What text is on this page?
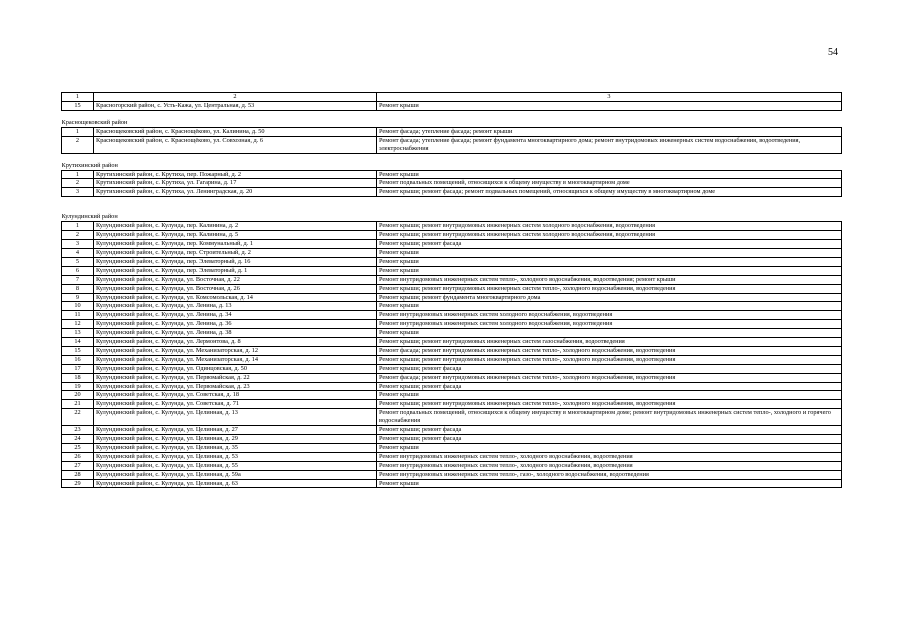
54
1	2	3
15	Красногорский район, с. Усть-Кажа, ул. Центральная, д. 53	Ремонт крыши

Краснощековский район		
1	Краснощековский район, с. Краснощёково, ул. Калинина, д. 50	Ремонт фасада; утепление фасада; ремонт крыши
2	Краснощековский район, с. Краснощёково, ул. Совхозная, д. 6	Ремонт фасада; утепление фасада; ремонт фундамента многоквартирного дома; ремонт внутридомовых инженерных систем водоснабжения, водоотведения, электроснабжения

Крутихинский район		
1	Крутихинский район, с. Крутиха, пер. Пожарный, д. 2	Ремонт крыши
2	Крутихинский район, с. Крутиха, ул. Гагарина, д. 17	Ремонт подвальных помещений, относящихся к общему имуществу в многоквартирном доме
3	Крутихинский район, с. Крутиха, ул. Ленинградская, д. 20	Ремонт крыши; ремонт фасада; ремонт подвальных помещений, относящихся к общему имуществу в многоквартирном доме

Кулундинский район		
1	Кулундинский район, с. Кулунда, пер. Калинина, д. 2	Ремонт крыши; ремонт внутридомовых инженерных систем холодного водоснабжения, водоотведения
2	Кулундинский район, с. Кулунда, пер. Калинина, д. 5	Ремонт крыши; ремонт внутридомовых инженерных систем холодного водоснабжения, водоотведения
3	Кулундинский район, с. Кулунда, пер. Коммунальный, д. 1	Ремонт крыши; ремонт фасада
4	Кулундинский район, с. Кулунда, пер. Строительный, д. 2	Ремонт крыши
5	Кулундинский район, с. Кулунда, пер. Элеваторный, д. 16	Ремонт крыши
6	Кулундинский район, с. Кулунда, пер. Элеваторный, д. 1	Ремонт крыши
7	Кулундинский район, с. Кулунда, ул. Восточная, д. 22	Ремонт внутридомовых инженерных систем тепло-, холодного водоснабжения, водоотведения; ремонт крыши
8	Кулундинский район, с. Кулунда, ул. Восточная, д. 26	Ремонт крыши; ремонт внутридомовых инженерных систем тепло-, холодного водоснабжения, водоотведения
9	Кулундинский район, с. Кулунда, ул. Комсомольская, д. 14	Ремонт крыши; ремонт фундамента многоквартирного дома
10	Кулундинский район, с. Кулунда, ул. Ленина, д. 13	Ремонт крыши
11	Кулундинский район, с. Кулунда, ул. Ленина, д. 34	Ремонт внутридомовых инженерных систем холодного водоснабжения, водоотведения
12	Кулундинский район, с. Кулунда, ул. Ленина, д. 36	Ремонт внутридомовых инженерных систем холодного водоснабжения, водоотведения
13	Кулундинский район, с. Кулунда, ул. Ленина, д. 38	Ремонт крыши
14	Кулундинский район, с. Кулунда, ул. Лермонтова, д. 8	Ремонт крыши; ремонт внутридомовых инженерных систем газоснабжения, водоотведения
15	Кулундинский район, с. Кулунда, ул. Механизаторская, д. 12	Ремонт фасада; ремонт внутридомовых инженерных систем тепло-, холодного водоснабжения, водоотведения
16	Кулундинский район, с. Кулунда, ул. Механизаторская, д. 14	Ремонт крыши; ремонт внутридомовых инженерных систем тепло-, холодного водоснабжения, водоотведения
17	Кулундинский район, с. Кулунда, ул. Одинцовская, д. 50	Ремонт крыши; ремонт фасада
18	Кулундинский район, с. Кулунда, ул. Первомайская, д. 22	Ремонт фасада; ремонт внутридомовых инженерных систем тепло-, холодного водоснабжения, водоотведения
19	Кулундинский район, с. Кулунда, ул. Первомайская, д. 23	Ремонт крыши; ремонт фасада
20	Кулундинский район, с. Кулунда, ул. Советская, д. 18	Ремонт крыши
21	Кулундинский район, с. Кулунда, ул. Советская, д. 71	Ремонт крыши; ремонт внутридомовых инженерных систем тепло-, холодного водоснабжения, водоотведения
22	Кулундинский район, с. Кулунда, ул. Целинная, д. 13	Ремонт подвальных помещений, относящихся к общему имуществу в многоквартирном доме; ремонт внутридомовых инженерных систем тепло-, холодного и горячего водоснабжения
23	Кулундинский район, с. Кулунда, ул. Целинная, д. 27	Ремонт крыши; ремонт фасада
24	Кулундинский район, с. Кулунда, ул. Целинная, д. 29	Ремонт крыши; ремонт фасада
25	Кулундинский район, с. Кулунда, ул. Целинная, д. 35	Ремонт крыши
26	Кулундинский район, с. Кулунда, ул. Целинная, д. 53	Ремонт внутридомовых инженерных систем тепло-, холодного водоснабжения, водоотведения
27	Кулундинский район, с. Кулунда, ул. Целинная, д. 55	Ремонт внутридомовых инженерных систем тепло-, холодного водоснабжения, водоотведения
28	Кулундинский район, с. Кулунда, ул. Целинная, д. 59а	Ремонт внутридомовых инженерных систем тепло-, газо-, холодного водоснабжения, водоотведения
29	Кулундинский район, с. Кулунда, ул. Целинная, д. 63	Ремонт крыши
